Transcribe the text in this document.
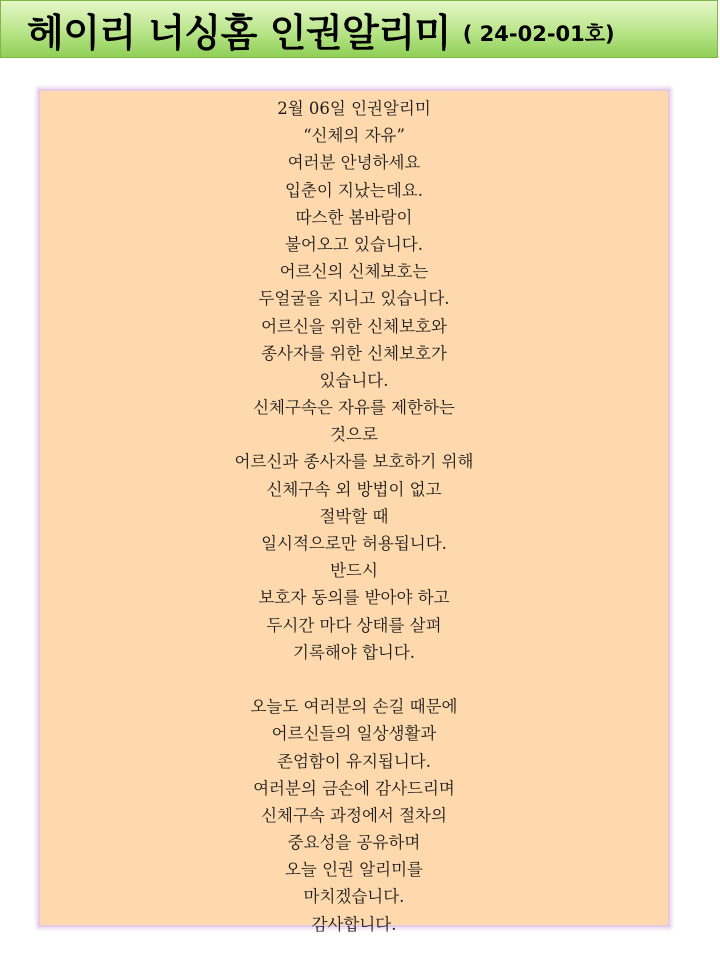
헤이리 너싱홈 인권알리미 ( 24-02-01호)
2월 06일 인권알리미
“신체의 자유”
여러분 안녕하세요
입춘이 지났는데요.
따스한 봄바람이
불어오고 있습니다.
어르신의 신체보호는
두얼굴을 지니고 있습니다.
어르신을 위한 신체보호와
종사자를 위한 신체보호가
있습니다.
신체구속은 자유를 제한하는
것으로
어르신과 종사자를 보호하기 위해
신체구속 외 방법이 없고
절박할 때
일시적으로만 허용됩니다.
반드시
보호자 동의를 받아야 하고
두시간 마다 상태를 살펴
기록해야 합니다.
오늘도 여러분의 손길 때문에
어르신들의 일상생활과
존엄함이 유지됩니다.
여러분의 금손에 감사드리며
신체구속 과정에서 절차의
중요성을 공유하며
오늘 인권 알리미를
마치겠습니다.
감사합니다.
